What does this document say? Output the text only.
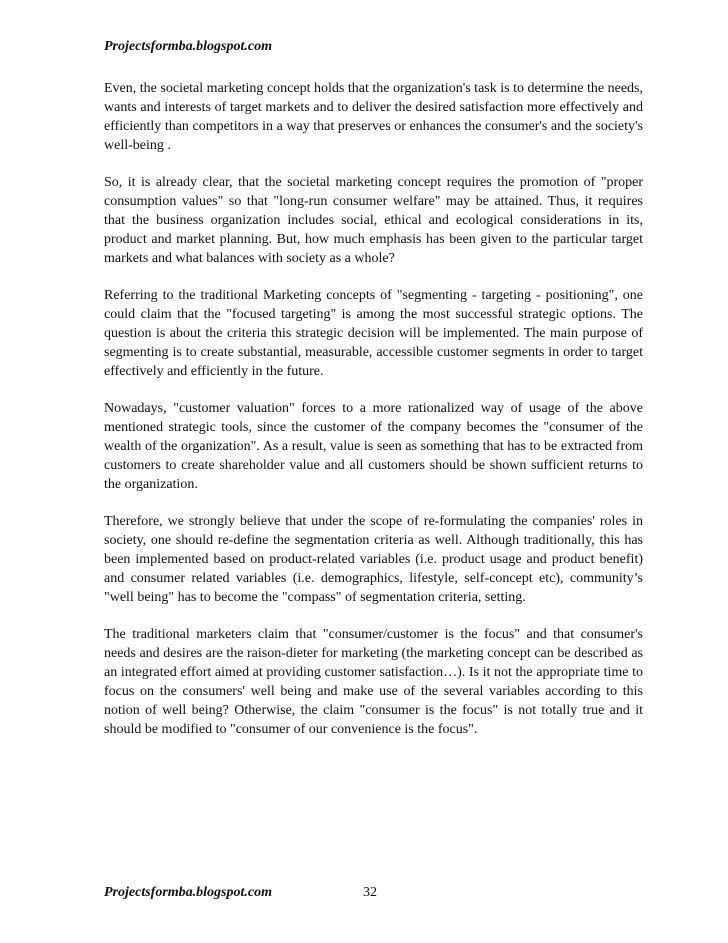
Projectsformba.blogspot.com

Even, the societal marketing concept holds that the organization's task is to determine the needs, wants and interests of target markets and to deliver the desired satisfaction more effectively and efficiently than competitors in a way that preserves or enhances the consumer's and the society's well-being .

So, it is already clear, that the societal marketing concept requires the promotion of "proper consumption values" so that "long-run consumer welfare" may be attained. Thus, it requires that the business organization includes social, ethical and ecological considerations in its, product and market planning. But, how much emphasis has been given to the particular target markets and what balances with society as a whole?

Referring to the traditional Marketing concepts of "segmenting - targeting - positioning", one could claim that the "focused targeting" is among the most successful strategic options. The question is about the criteria this strategic decision will be implemented. The main purpose of segmenting is to create substantial, measurable, accessible customer segments in order to target effectively and efficiently in the future.

Nowadays, "customer valuation" forces to a more rationalized way of usage of the above mentioned strategic tools, since the customer of the company becomes the "consumer of the wealth of the organization". As a result, value is seen as something that has to be extracted from customers to create shareholder value and all customers should be shown sufficient returns to the organization.

Therefore, we strongly believe that under the scope of re-formulating the companies' roles in society, one should re-define the segmentation criteria as well. Although traditionally, this has been implemented based on product-related variables (i.e. product usage and product benefit) and consumer related variables (i.e. demographics, lifestyle, self-concept etc), community’s "well being" has to become the "compass" of segmentation criteria, setting.

The traditional marketers claim that "consumer/customer is the focus" and that consumer's needs and desires are the raison-dieter for marketing (the marketing concept can be described as an integrated effort aimed at providing customer satisfaction…). Is it not the appropriate time to focus on the consumers' well being and make use of the several variables according to this notion of well being? Otherwise, the claim "consumer is the focus" is not totally true and it should be modified to "consumer of our convenience is the focus".

Projectsformba.blogspot.com	32
